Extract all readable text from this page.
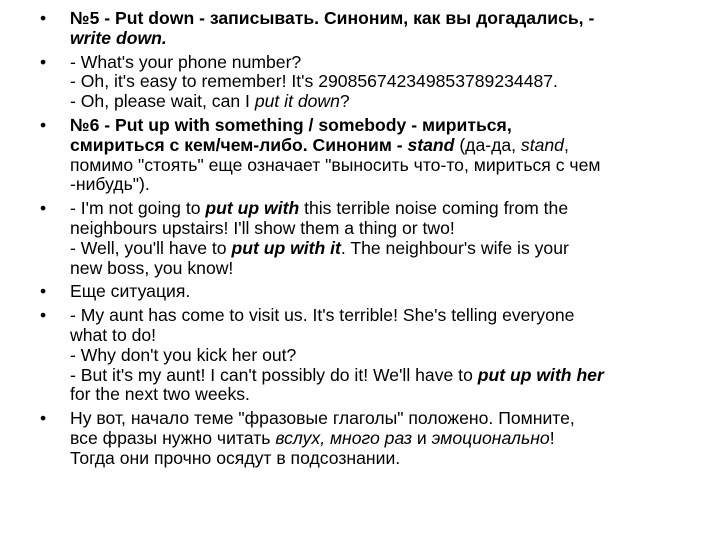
•	№5 - Put down - записывать. Синоним, как вы догадались, -
write down.
•	- What's your phone number?
- Oh, it's easy to remember! It's 290856742349853789234487.
- Oh, please wait, can I put it down?
•	№6 - Put up with something / somebody - мириться,
смириться с кем/чем-либо. Синоним - stand (да-да, stand,
помимо "стоять" еще означает "выносить что-то, мириться с чем
-нибудь").
•	- I'm not going to put up with this terrible noise coming from the
neighbours upstairs! I'll show them a thing or two!
- Well, you'll have to put up with it. The neighbour's wife is your
new boss, you know!
•	Еще ситуация.
•	- My aunt has come to visit us. It's terrible! She's telling everyone
what to do!
- Why don't you kick her out?
- But it's my aunt! I can't possibly do it! We'll have to put up with her
for the next two weeks.
•	Ну вот, начало теме "фразовые глаголы" положено. Помните,
все фразы нужно читать вслух, много раз и эмоционально!
Тогда они прочно осядут в подсознании.
